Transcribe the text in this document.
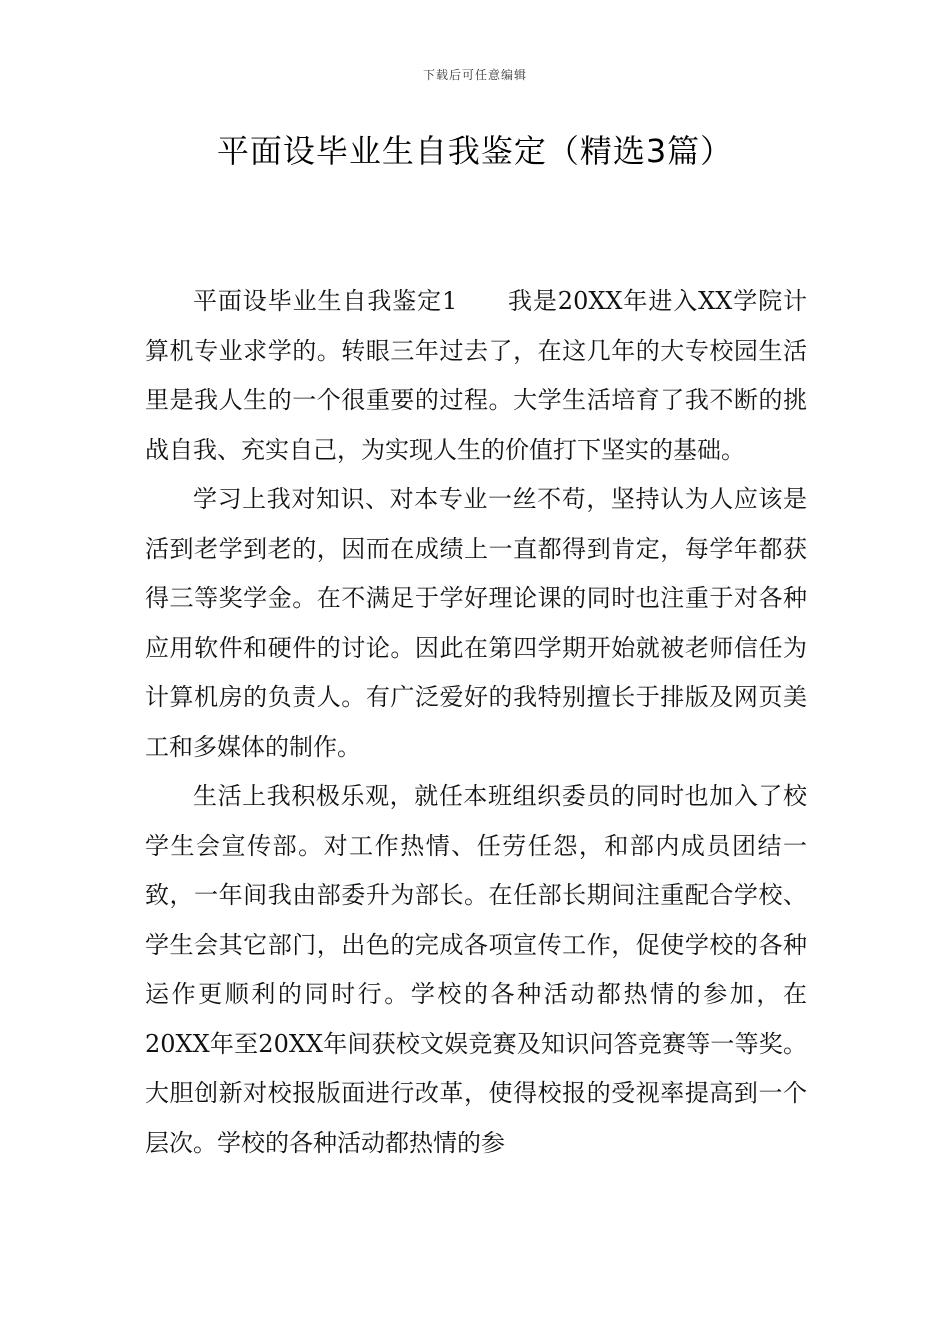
下载后可任意编辑
平面设毕业生自我鉴定（精选3篇）

平面设毕业生自我鉴定1　　我是20XX年进入XX学院计算机专业求学的。转眼三年过去了，在这几年的大专校园生活里是我人生的一个很重要的过程。大学生活培育了我不断的挑战自我、充实自己，为实现人生的价值打下坚实的基础。

学习上我对知识、对本专业一丝不苟，坚持认为人应该是活到老学到老的，因而在成绩上一直都得到肯定，每学年都获得三等奖学金。在不满足于学好理论课的同时也注重于对各种应用软件和硬件的讨论。因此在第四学期开始就被老师信任为计算机房的负责人。有广泛爱好的我特别擅长于排版及网页美工和多媒体的制作。

生活上我积极乐观，就任本班组织委员的同时也加入了校学生会宣传部。对工作热情、任劳任怨，和部内成员团结一致，一年间我由部委升为部长。在任部长期间注重配合学校、学生会其它部门，出色的完成各项宣传工作，促使学校的各种运作更顺利的同时行。学校的各种活动都热情的参加，在20XX年至20XX年间获校文娱竞赛及知识问答竞赛等一等奖。大胆创新对校报版面进行改革，使得校报的受视率提高到一个层次。学校的各种活动都热情的参
